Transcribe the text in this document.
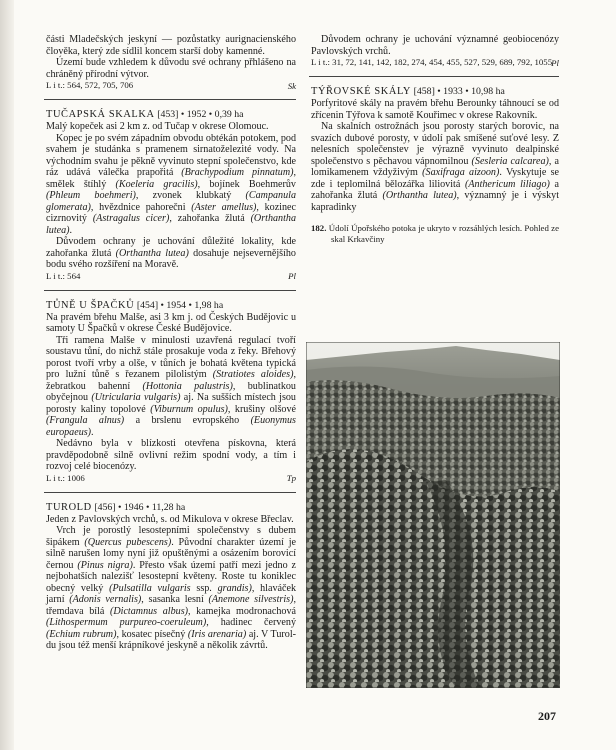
části Mladečských jeskyní — pozůstatky aurignacienského člověka, který zde sídlil koncem starší doby kamenné.

Území bude vzhledem k důvodu své ochrany přhlášeno na chráněný přírodní výtvor.

L i t.: 564, 572, 705, 706	Sk

TUČAPSKÁ SKALKA [453] • 1952 • 0,39 ha

Malý kopeček asi 2 km z. od Tučap v okrese Olomouc.

Kopec je po svém západním obvodu obtékán potokem, pod svahem je studánka s pramenem sirnatoželezité vody. Na východním svahu je pěkně vyvinuto stepní společenstvo, kde ráz udává válečka prapořitá (Brachypodium pinnatum), smělek štíhlý (Koeleria gracilis), bojínek Boehmerův (Phleum boehmeri), zvonek klubkatý (Campanula glomerata), hvězdnice pahorečni (Aster amellus), kozinec cizrnovitý (Astragalus cicer), zahořanka žlutá (Orthantha lutea).

Důvodem ochrany je uchování důležité lokality, kde zahořanka žlutá (Orthantha lutea) dosahuje nejsevernějšího bodu svého rozšíření na Moravě.

L i t.: 564	Pl

TŮNĚ U ŠPAČKŮ [454] • 1954 • 1,98 ha

Na pravém břehu Malše, asi 3 km j. od Českých Budějovic u samoty U Špačků v okrese České Budějovice.

Tři ramena Malše v minulosti uzavřená regulací tvoří soustavu tůní, do nichž stále prosakuje voda z řeky. Břehový porost tvoří vrby a olše, v tůních je bohatá květena typická pro lužní tůně s řezanem pilolistým (Stratiotes aloides), žebratkou bahenní (Hottonia palustris), bublinatkou obyčejnou (Utricularia vulgaris) aj. Na sušších místech jsou porosty kaliny topolové (Viburnum opulus), krušiny olšové (Frangula alnus) a brslenu evropského (Euonymus europaeus).

Nedávno byla v blízkosti otevřena pískovna, která pravděpodobně silně ovlivní režim spodní vody, a tím i rozvoj celé biocenózy.

L i t.: 1006	Tp

TUROLD [456] • 1946 • 11,28 ha

Jeden z Pavlovských vrchů, s. od Mikulova v okrese Břeclav.

Vrch je porostlý lesostepními společenstvy s dubem šipákem (Quercus pubescens). Původní charakter území je silně narušen lomy nyní již opuštěnými a osázením borovicí černou (Pinus nigra). Přesto však území patří mezi jedno z nejbohatších nalezišť lesostepní květeny. Roste tu koniklec obecný velký (Pulsatilla vulgaris ssp. grandis), hlaváček jarní (Adonis vernalis), sasanka lesní (Anemone silvestris), třemdava bílá (Dictamnus albus), kamejka modronachová (Lithospermum purpureo-coeruleum), hadinec červený (Echium rubrum), kosatec písečný (Iris arenaria) aj. V Turoldu jsou též menší krápníkové jeskyně a několik závrtů.

Důvodem ochrany je uchování významné geobiocenózy Pavlovských vrchů.

L i t.: 31, 72, 141, 142, 182, 274, 454, 455, 527, 529, 689, 792, 1055 Pl

TÝŘOVSKÉ SKÁLY [458] • 1933 • 10,98 ha

Porfyritové skály na pravém břehu Berounky táhnoucí se od zřícenin Týřova k samotě Kouřimec v okrese Rakovník.

Na skalních ostrožnách jsou porosty starých borovic, na svazích dubové porosty, v údolí pak smíšené suťové lesy. Z nelesních společenstev je výrazně vyvinuto dealpinské společenstvo s pěchavou vápnomilnou (Sesleria calcarea), a lomikamenem vždyživým (Saxifraga aizoon). Vyskytuje se zde i teplomilná bělozářka liliovitá (Anthericum liliago) a zahořanka žlutá (Orthantha lutea), významný je i výskyt kapradinky

182. Údolí Úpořského potoka je ukryto v rozsáhlých lesích. Pohled ze skal Krkavčiny

207
